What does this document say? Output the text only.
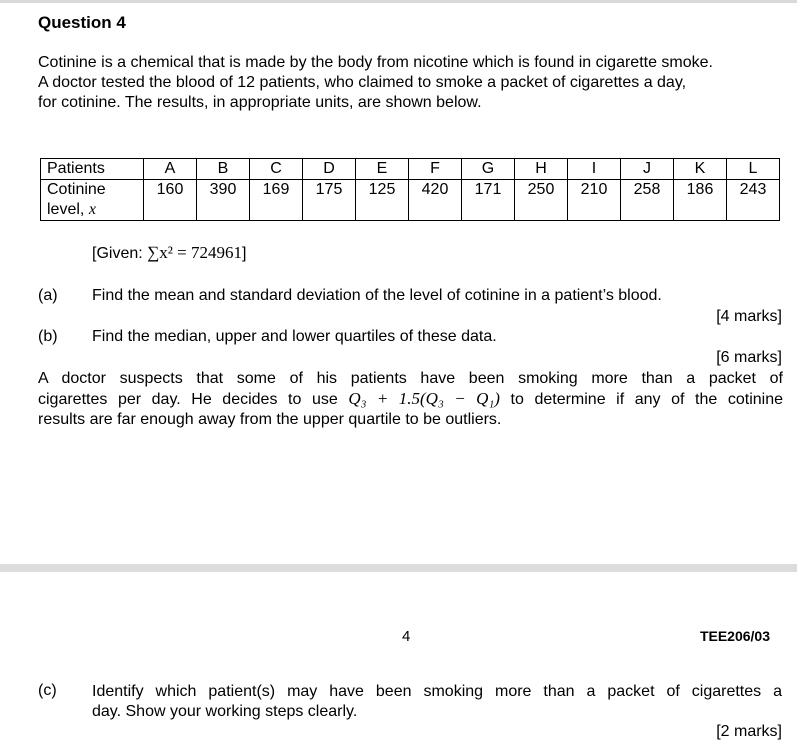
Question 4
Cotinine is a chemical that is made by the body from nicotine which is found in cigarette smoke.
A doctor tested the blood of 12 patients, who claimed to smoke a packet of cigarettes a day,
for cotinine. The results, in appropriate units, are shown below.
Patients	A	B	C	D	E	F	G	H	I	J	K	L

Cotinine
level, x	160	390	169	175	125	420	171	250	210	258	186	243
[Given: ∑x² = 724961]
(a) Find the mean and standard deviation of the level of cotinine in a patient’s blood.
[4 marks]
(b) Find the median, upper and lower quartiles of these data.
[6 marks]
A doctor suspects that some of his patients have been smoking more than a packet of
cigarettes per day. He decides to use Q₃ + 1.5(Q₃ − Q₁) to determine if any of the cotinine
results are far enough away from the upper quartile to be outliers.
4	TEE206/03
(c) Identify which patient(s) may have been smoking more than a packet of cigarettes a
day. Show your working steps clearly.
[2 marks]
